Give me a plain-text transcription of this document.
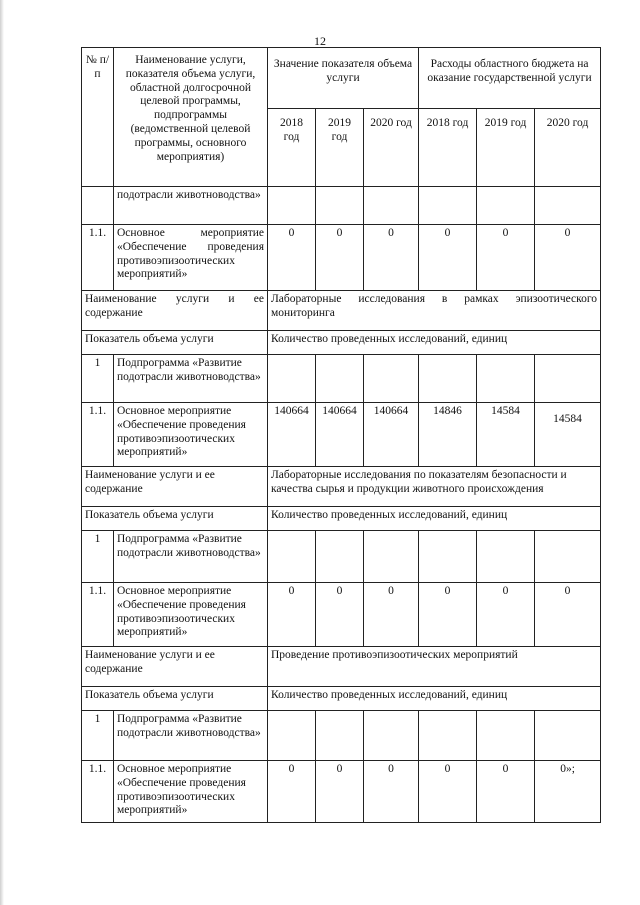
12
№ п/п	Наименование услуги, показателя объема услуги, областной долгосрочной целевой программы, подпрограммы (ведомственной целевой программы, основного мероприятия)	Значение показателя объема услуги			Расходы областного бюджета на оказание государственной услуги		
		2018 год	2019 год	2020 год	2018 год	2019 год	2020 год
	подотрасли животноводства»						
1.1.	Основное мероприятие «Обеспечение проведения противоэпизоотических мероприятий»	0	0	0	0	0	0
Наименование услуги и ее содержание		Лабораторные исследования в рамках эпизоотического мониторинга					
Показатель объема услуги		Количество проведенных исследований, единиц					
1	Подпрограмма «Развитие подотрасли животноводства»						
1.1.	Основное мероприятие «Обеспечение проведения противоэпизоотических мероприятий»	140664	140664	140664	14846	14584	14584
Наименование услуги и ее содержание		Лабораторные исследования по показателям безопасности и качества сырья и продукции животного происхождения					
Показатель объема услуги		Количество проведенных исследований, единиц					
1	Подпрограмма «Развитие подотрасли животноводства»						
1.1.	Основное мероприятие «Обеспечение проведения противоэпизоотических мероприятий»	0	0	0	0	0	0
Наименование услуги и ее содержание		Проведение противоэпизоотических мероприятий					
Показатель объема услуги		Количество проведенных исследований, единиц					
1	Подпрограмма «Развитие подотрасли животноводства»						
1.1.	Основное мероприятие «Обеспечение проведения противоэпизоотических мероприятий»	0	0	0	0	0	0»;
